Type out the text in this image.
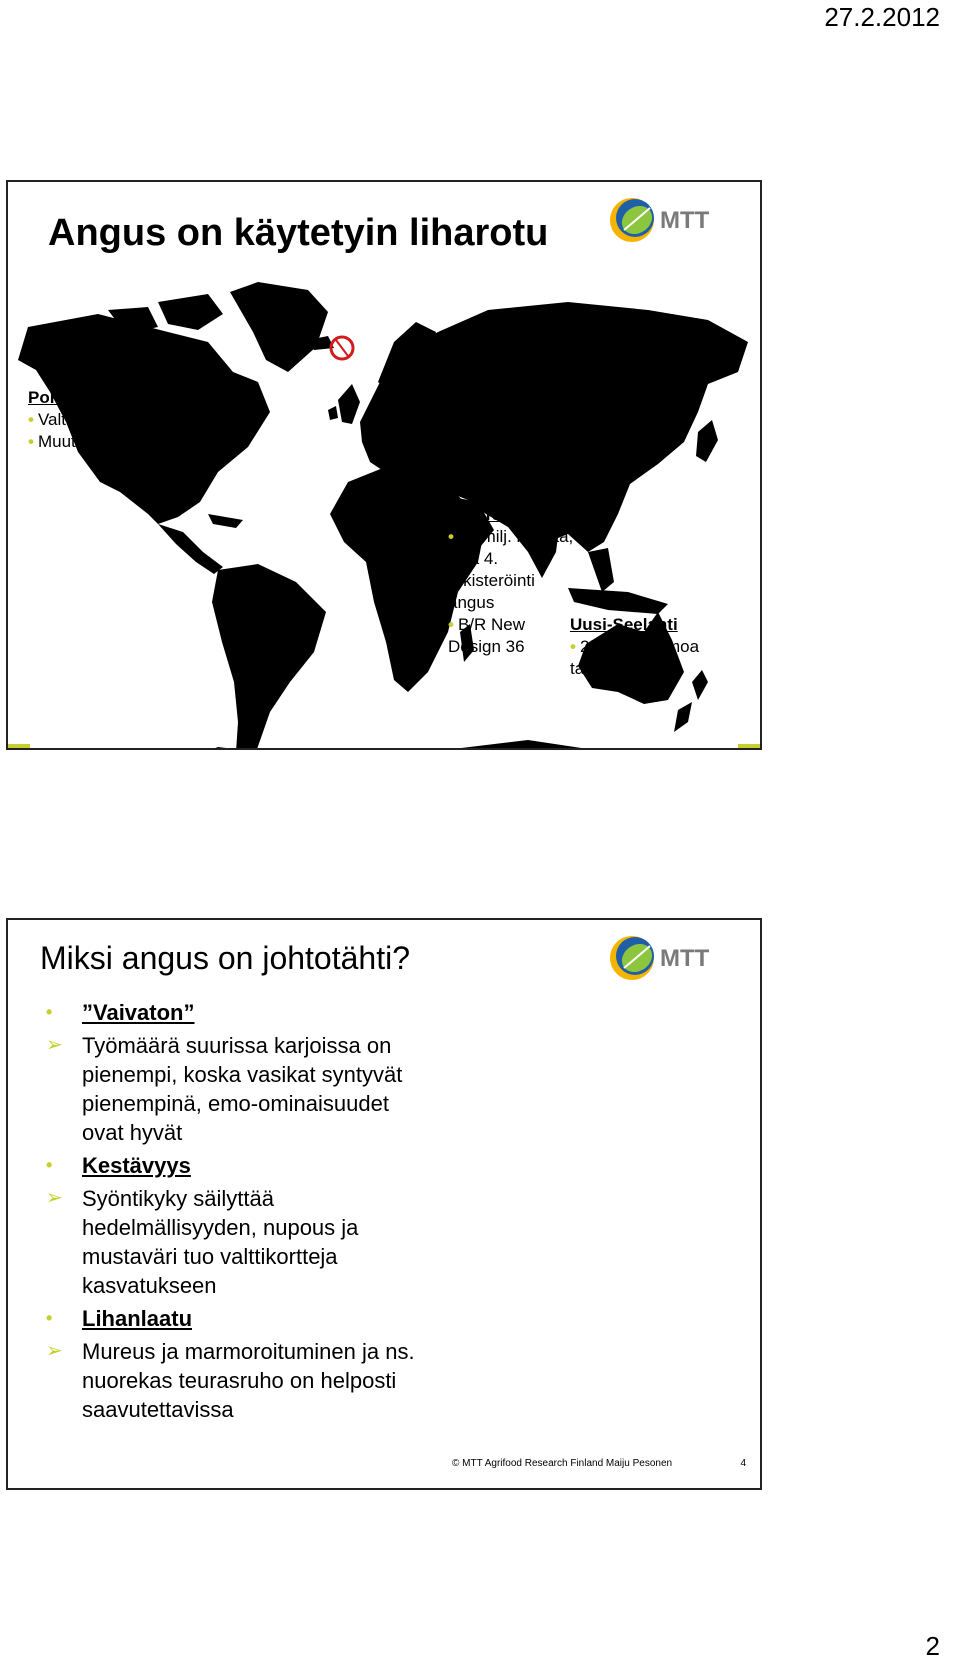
27.2.2012
Angus on käytetyin liharotu	MTT
Pohjois-Amerikka
• Valta rotu
• Muutkin rodut mustia
Australia
• 28 milj. nautaa, joka 4. rekisteröinti angus
• B/R New Design 36
Uusi-Seelanti
• 25000 ab-emoa tarkkailussa
Miksi angus on johtotähti?	MTT
•	”Vaivaton”
➢ Työmäärä suurissa karjoissa on pienempi, koska vasikat syntyvät pienempinä, emo-ominaisuudet ovat hyvät
•	Kestävyys
➢ Syöntikyky säilyttää hedelmällisyyden, nupous ja mustaväri tuo valttikortteja kasvatukseen
•	Lihanlaatu
➢ Mureus ja marmoroituminen ja ns. nuorekas teurasruho on helposti saavutettavissa
© MTT Agrifood Research Finland Maiju Pesonen	4
2
